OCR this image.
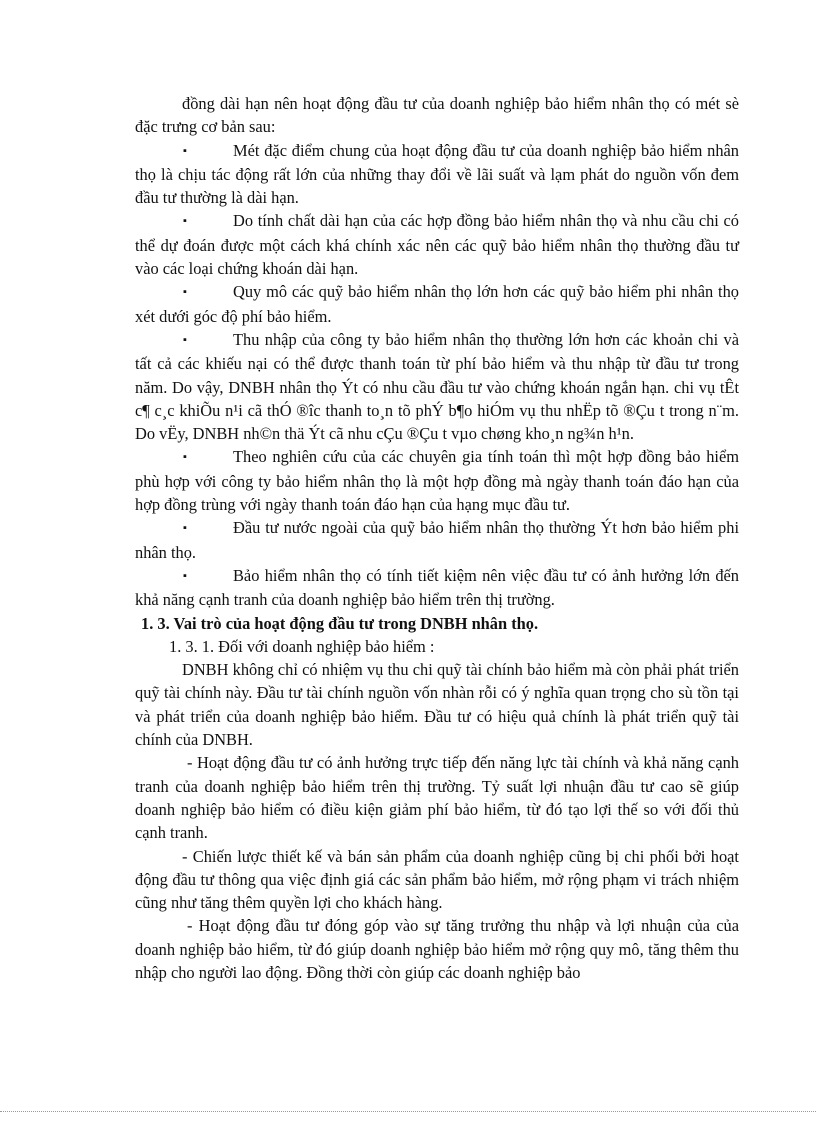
đồng dài hạn nên hoạt động đầu tư của doanh nghiệp bảo hiểm nhân thọ có mét sè đặc trưng cơ bản sau:

▪	Mét đặc điểm chung của hoạt động đầu tư của doanh nghiệp bảo hiểm nhân thọ là chịu tác động rất lớn của những thay đổi về lãi suất và lạm phát do nguồn vốn đem đầu tư thường là dài hạn.

▪	Do tính chất dài hạn của các hợp đồng bảo hiểm nhân thọ và nhu cầu chi có thể dự đoán được một cách khá chính xác nên các quỹ bảo hiểm nhân thọ thường đầu tư vào các loại chứng khoán dài hạn.

▪	Quy mô các quỹ bảo hiểm nhân thọ lớn hơn các quỹ bảo hiểm phi nhân thọ xét dưới góc độ phí bảo hiểm.

▪	Thu nhập của công ty bảo hiểm nhân thọ thường lớn hơn các khoản chi và tất cả các khiếu nại có thể được thanh toán từ phí bảo hiểm và thu nhập từ đầu tư trong năm. Do vậy, DNBH nhân thọ Ýt có nhu cầu đầu tư vào chứng khoán ngắn hạn. chi vụ tÊt c¶ c¸c khiÕu n¹i cã thÓ ®îc thanh to¸n tõ phÝ b¶o hiÓm vụ thu nhËp tõ ®Çu t trong n¨m. Do vËy, DNBH nh©n thä Ýt cã nhu cÇu ®Çu t vµo chøng kho¸n ng¾n h¹n.

▪	Theo nghiên cứu của các chuyên gia tính toán thì một hợp đồng bảo hiểm phù hợp với công ty bảo hiểm nhân thọ là một hợp đồng mà ngày thanh toán đáo hạn của hợp đồng trùng với ngày thanh toán đáo hạn của hạng mục đầu tư.

▪	Đầu tư nước ngoài của quỹ bảo hiểm nhân thọ thường Ýt hơn bảo hiểm phi nhân thọ.

▪	Bảo hiểm nhân thọ có tính tiết kiệm nên việc đầu tư có ảnh hưởng lớn đến khả năng cạnh tranh của doanh nghiệp bảo hiểm trên thị trường.

1. 3. Vai trò của hoạt động đầu tư trong DNBH nhân thọ.

1. 3. 1. Đối với doanh nghiệp bảo hiểm :

DNBH không chỉ có nhiệm vụ thu chi quỹ tài chính bảo hiểm mà còn phải phát triển quỹ tài chính này. Đầu tư tài chính nguồn vốn nhàn rỗi có ý nghĩa quan trọng cho sù tồn tại và phát triển của doanh nghiệp bảo hiểm. Đầu tư có hiệu quả chính là phát triển quỹ tài chính của DNBH.

- Hoạt động đầu tư có ảnh hưởng trực tiếp đến năng lực tài chính và khả năng cạnh tranh của doanh nghiệp bảo hiểm trên thị trường. Tỷ suất lợi nhuận đầu tư cao sẽ giúp doanh nghiệp bảo hiểm có điều kiện giảm phí bảo hiểm, từ đó tạo lợi thế so với đối thủ cạnh tranh.

- Chiến lược thiết kế và bán sản phẩm của doanh nghiệp cũng bị chi phối bởi hoạt động đầu tư thông qua việc định giá các sản phẩm bảo hiểm, mở rộng phạm vi trách nhiệm cũng như tăng thêm quyền lợi cho khách hàng.

- Hoạt động đầu tư đóng góp vào sự tăng trưởng thu nhập và lợi nhuận của của doanh nghiệp bảo hiểm, từ đó giúp doanh nghiệp bảo hiểm mở rộng quy mô, tăng thêm thu nhập cho người lao động. Đồng thời còn giúp các doanh nghiệp bảo
